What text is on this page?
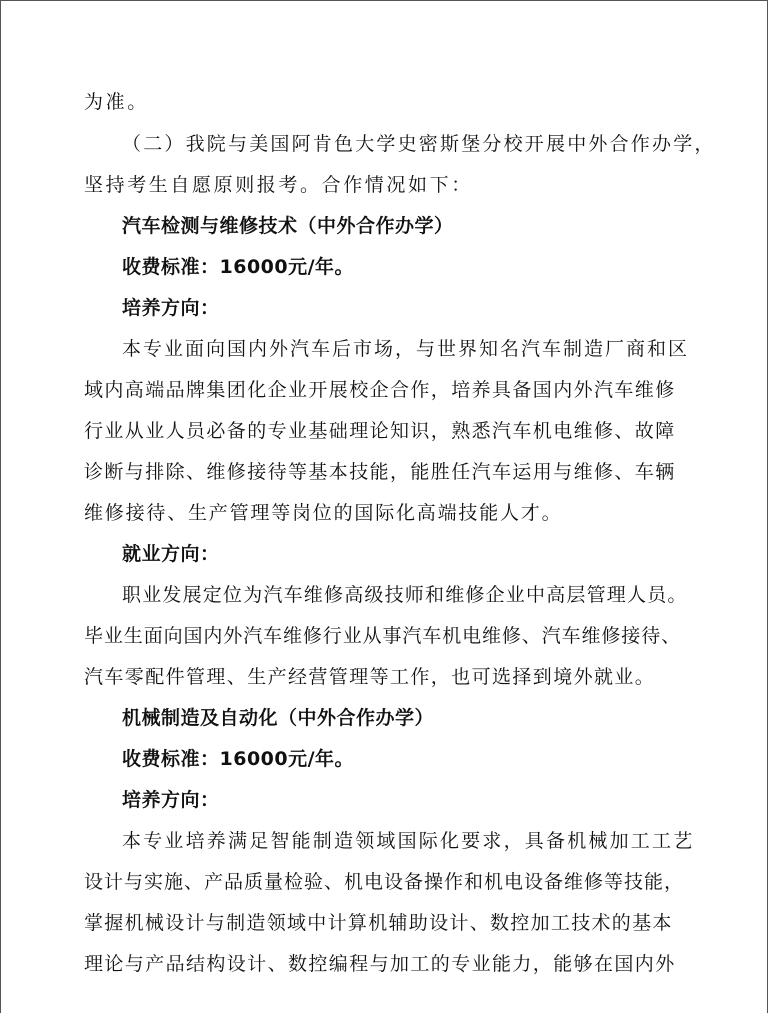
为准。
（二）我院与美国阿肯色大学史密斯堡分校开展中外合作办学，
坚持考生自愿原则报考。合作情况如下：
汽车检测与维修技术（中外合作办学）
收费标准：16000元/年。
培养方向：
本专业面向国内外汽车后市场，与世界知名汽车制造厂商和区
域内高端品牌集团化企业开展校企合作，培养具备国内外汽车维修
行业从业人员必备的专业基础理论知识，熟悉汽车机电维修、故障
诊断与排除、维修接待等基本技能，能胜任汽车运用与维修、车辆
维修接待、生产管理等岗位的国际化高端技能人才。
就业方向：
职业发展定位为汽车维修高级技师和维修企业中高层管理人员。
毕业生面向国内外汽车维修行业从事汽车机电维修、汽车维修接待、
汽车零配件管理、生产经营管理等工作，也可选择到境外就业。
机械制造及自动化（中外合作办学）
收费标准：16000元/年。
培养方向：
本专业培养满足智能制造领域国际化要求，具备机械加工工艺
设计与实施、产品质量检验、机电设备操作和机电设备维修等技能，
掌握机械设计与制造领域中计算机辅助设计、数控加工技术的基本
理论与产品结构设计、数控编程与加工的专业能力，能够在国内外
